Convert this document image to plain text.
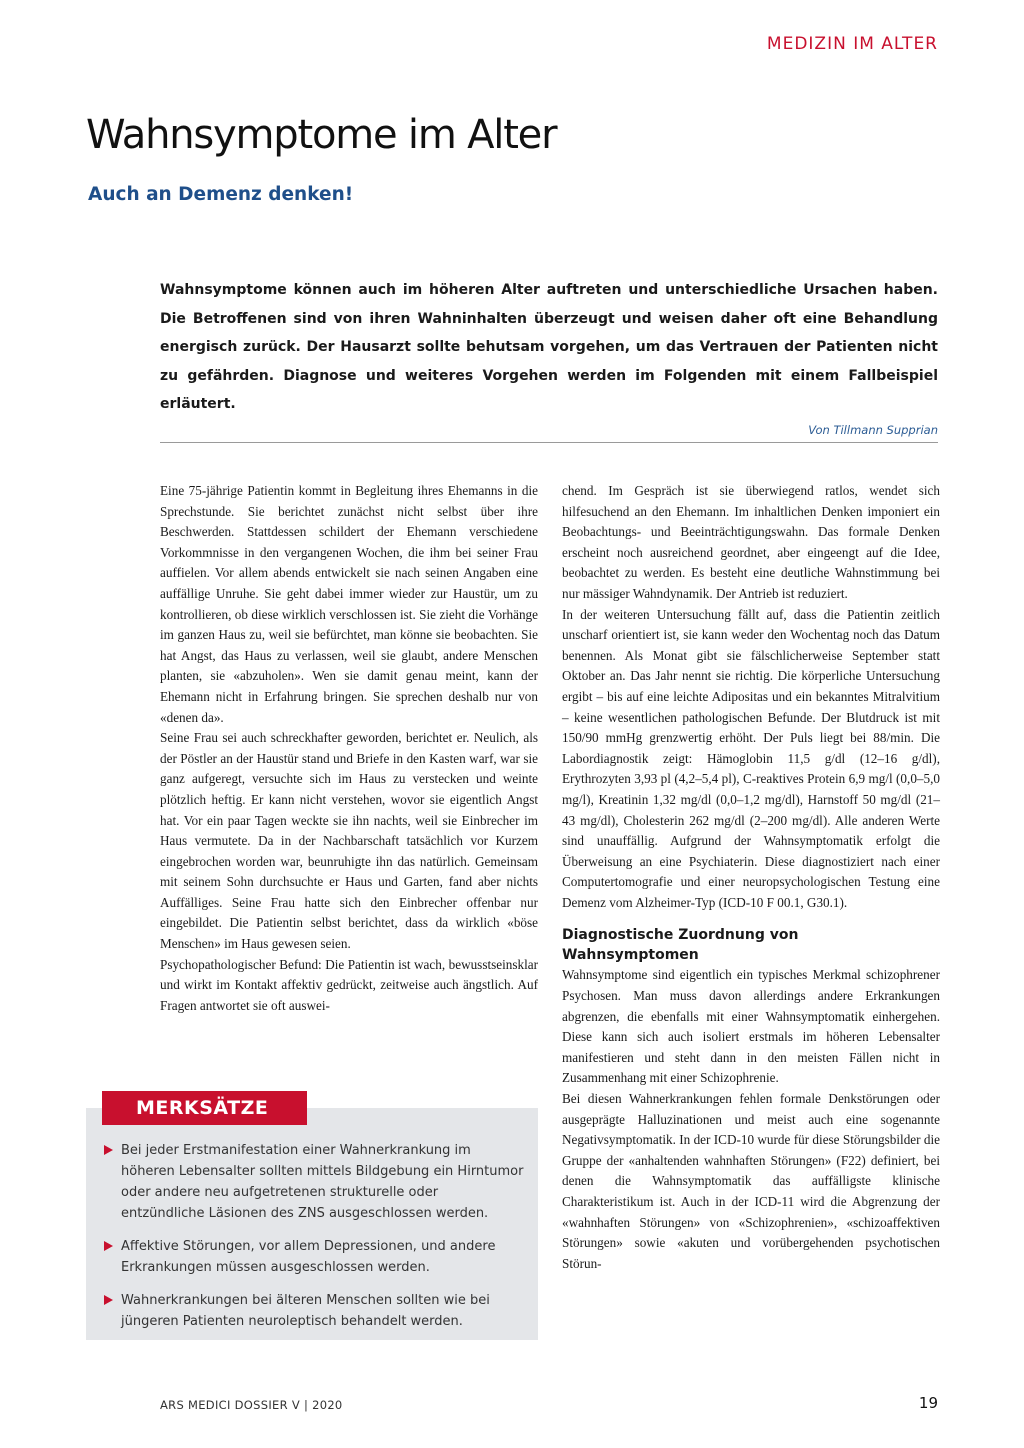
MEDIZIN IM ALTER
Wahnsymptome im Alter
Auch an Demenz denken!
Wahnsymptome können auch im höheren Alter auftreten und unterschiedliche Ursachen haben. Die Betroffenen sind von ihren Wahninhalten überzeugt und weisen daher oft eine Behandlung energisch zurück. Der Hausarzt sollte behutsam vorgehen, um das Vertrauen der Patienten nicht zu gefährden. Diagnose und weiteres Vorgehen werden im Folgenden mit einem Fallbeispiel erläutert.
Von Tillmann Supprian

Eine 75-jährige Patientin kommt in Begleitung ihres Ehemanns in die Sprechstunde. Sie berichtet zunächst nicht selbst über ihre Beschwerden. Stattdessen schildert der Ehemann verschiedene Vorkommnisse in den vergangenen Wochen, die ihm bei seiner Frau auffielen. Vor allem abends entwickelt sie nach seinen Angaben eine auffällige Unruhe. Sie geht dabei immer wieder zur Haustür, um zu kontrollieren, ob diese wirklich verschlossen ist. Sie zieht die Vorhänge im ganzen Haus zu, weil sie befürchtet, man könne sie beobachten. Sie hat Angst, das Haus zu verlassen, weil sie glaubt, andere Menschen planten, sie «abzuholen». Wen sie damit genau meint, kann der Ehemann nicht in Erfahrung bringen. Sie sprechen deshalb nur von «denen da».

Seine Frau sei auch schreckhafter geworden, berichtet er. Neulich, als der Pöstler an der Haustür stand und Briefe in den Kasten warf, war sie ganz aufgeregt, versuchte sich im Haus zu verstecken und weinte plötzlich heftig. Er kann nicht verstehen, wovor sie eigentlich Angst hat. Vor ein paar Tagen weckte sie ihn nachts, weil sie Einbrecher im Haus vermutete. Da in der Nachbarschaft tatsächlich vor Kurzem eingebrochen worden war, beunruhigte ihn das natürlich. Gemeinsam mit seinem Sohn durchsuchte er Haus und Garten, fand aber nichts Auffälliges. Seine Frau hatte sich den Einbrecher offenbar nur eingebildet. Die Patientin selbst berichtet, dass da wirklich «böse Menschen» im Haus gewesen seien.

Psychopathologischer Befund: Die Patientin ist wach, bewusstseinsklar und wirkt im Kontakt affektiv gedrückt, zeitweise auch ängstlich. Auf Fragen antwortet sie oft auswei-

chend. Im Gespräch ist sie überwiegend ratlos, wendet sich hilfesuchend an den Ehemann. Im inhaltlichen Denken imponiert ein Beobachtungs- und Beeinträchtigungswahn. Das formale Denken erscheint noch ausreichend geordnet, aber eingeengt auf die Idee, beobachtet zu werden. Es besteht eine deutliche Wahnstimmung bei nur mässiger Wahndynamik. Der Antrieb ist reduziert.

In der weiteren Untersuchung fällt auf, dass die Patientin zeitlich unscharf orientiert ist, sie kann weder den Wochentag noch das Datum benennen. Als Monat gibt sie fälschlicherweise September statt Oktober an. Das Jahr nennt sie richtig. Die körperliche Untersuchung ergibt – bis auf eine leichte Adipositas und ein bekanntes Mitralvitium – keine wesentlichen pathologischen Befunde. Der Blutdruck ist mit 150/90 mmHg grenzwertig erhöht. Der Puls liegt bei 88/min. Die Labordiagnostik zeigt: Hämoglobin 11,5 g/dl (12–16 g/dl), Erythrozyten 3,93 pl (4,2–5,4 pl), C-reaktives Protein 6,9 mg/l (0,0–5,0 mg/l), Kreatinin 1,32 mg/dl (0,0–1,2 mg/dl), Harnstoff 50 mg/dl (21–43 mg/dl), Cholesterin 262 mg/dl (2–200 mg/dl). Alle anderen Werte sind unauffällig. Aufgrund der Wahnsymptomatik erfolgt die Überweisung an eine Psychiaterin. Diese diagnostiziert nach einer Computertomografie und einer neuropsychologischen Testung eine Demenz vom Alzheimer-Typ (ICD-10 F 00.1, G30.1).

Diagnostische Zuordnung von Wahnsymptomen

Wahnsymptome sind eigentlich ein typisches Merkmal schizophrener Psychosen. Man muss davon allerdings andere Erkrankungen abgrenzen, die ebenfalls mit einer Wahnsymptomatik einhergehen. Diese kann sich auch isoliert erstmals im höheren Lebensalter manifestieren und steht dann in den meisten Fällen nicht in Zusammenhang mit einer Schizophrenie.

Bei diesen Wahnerkrankungen fehlen formale Denkstörungen oder ausgeprägte Halluzinationen und meist auch eine sogenannte Negativsymptomatik. In der ICD-10 wurde für diese Störungsbilder die Gruppe der «anhaltenden wahnhaften Störungen» (F22) definiert, bei denen die Wahnsymptomatik das auffälligste klinische Charakteristikum ist. Auch in der ICD-11 wird die Abgrenzung der «wahnhaften Störungen» von «Schizophrenien», «schizoaffektiven Störungen» sowie «akuten und vorübergehenden psychotischen Störun-

MERKSÄTZE
Bei jeder Erstmanifestation einer Wahnerkrankung im höheren Lebensalter sollten mittels Bildgebung ein Hirntumor oder andere neu aufgetretenen strukturelle oder entzündliche Läsionen des ZNS ausgeschlossen werden.
Affektive Störungen, vor allem Depressionen, und andere Erkrankungen müssen ausgeschlossen werden.
Wahnerkrankungen bei älteren Menschen sollten wie bei jüngeren Patienten neuroleptisch behandelt werden.
ARS MEDICI DOSSIER V | 2020	19
